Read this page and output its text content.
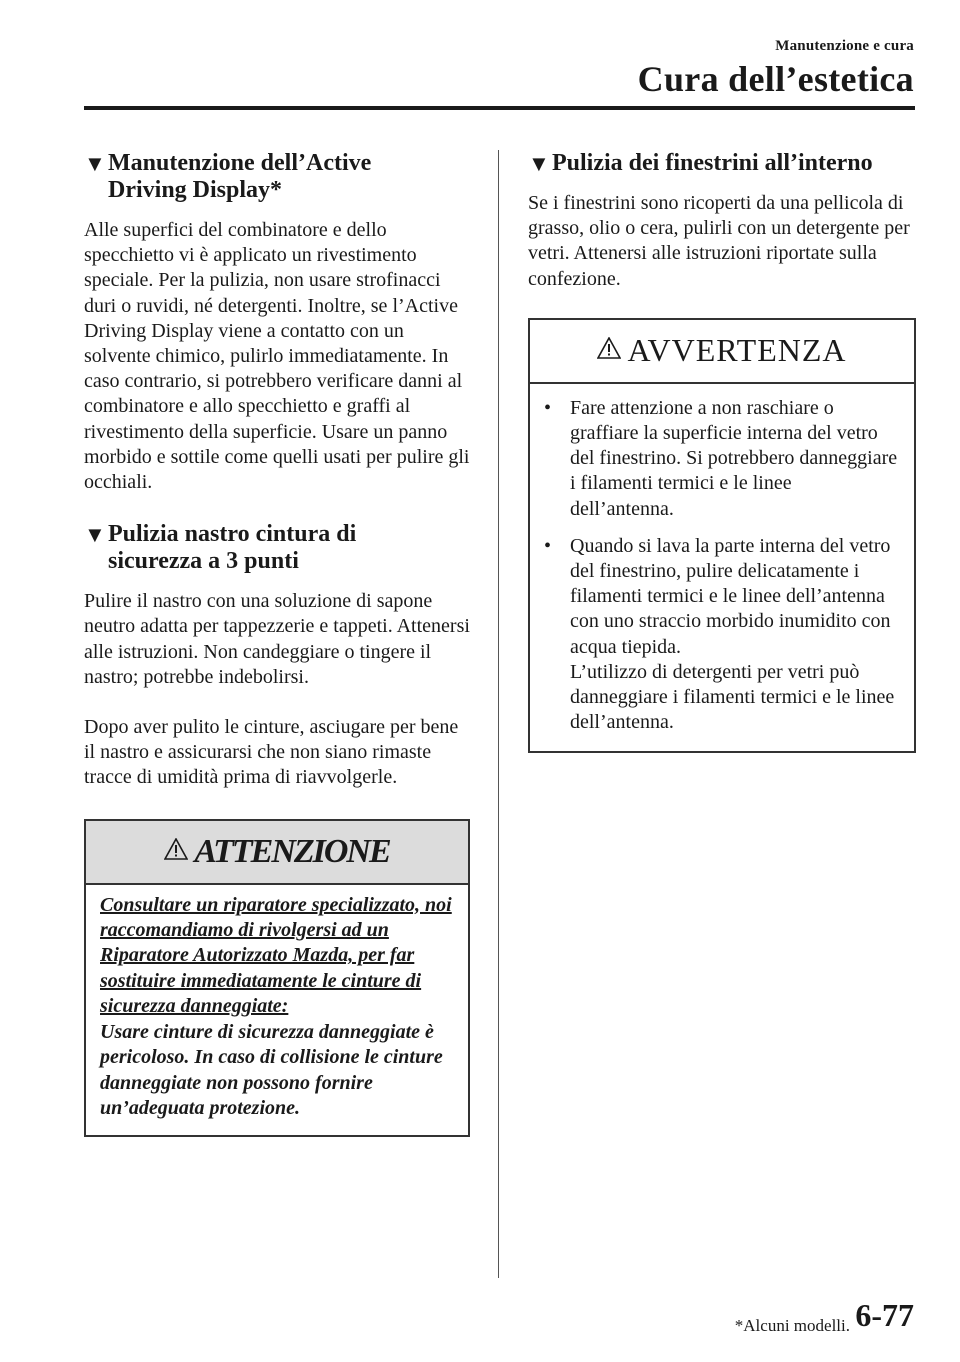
Manutenzione e cura
Cura dell’estetica
▼ Manutenzione dell’Active
Driving Display*

Alle superfici del combinatore e dello specchietto vi è applicato un rivestimento speciale. Per la pulizia, non usare strofinacci duri o ruvidi, né detergenti. Inoltre, se l’Active Driving Display viene a contatto con un solvente chimico, pulirlo immediatamente. In caso contrario, si potrebbero verificare danni al combinatore e allo specchietto e graffi al rivestimento della superficie. Usare un panno morbido e sottile come quelli usati per pulire gli occhiali.

▼ Pulizia nastro cintura di
sicurezza a 3 punti

Pulire il nastro con una soluzione di sapone neutro adatta per tappezzerie e tappeti. Attenersi alle istruzioni. Non candeggiare o tingere il nastro; potrebbe indebolirsi.

Dopo aver pulito le cinture, asciugare per bene il nastro e assicurarsi che non siano rimaste tracce di umidità prima di riavvolgerle.

ATTENZIONE

Consultare un riparatore specializzato, noi raccomandiamo di rivolgersi ad un Riparatore Autorizzato Mazda, per far sostituire immediatamente le cinture di sicurezza danneggiate:

Usare cinture di sicurezza danneggiate è pericoloso. In caso di collisione le cinture danneggiate non possono fornire un’adeguata protezione.

▼ Pulizia dei finestrini all’interno

Se i finestrini sono ricoperti da una pellicola di grasso, olio o cera, pulirli con un detergente per vetri. Attenersi alle istruzioni riportate sulla confezione.

AVVERTENZA
• Fare attenzione a non raschiare o graffiare la superficie interna del vetro del finestrino. Si potrebbero danneggiare i filamenti termici e le linee dell’antenna.
• Quando si lava la parte interna del vetro del finestrino, pulire delicatamente i filamenti termici e le linee dell’antenna con uno straccio morbido inumidito con acqua tiepida.
L’utilizzo di detergenti per vetri può danneggiare i filamenti termici e le linee dell’antenna.
*Alcuni modelli. 6-77
